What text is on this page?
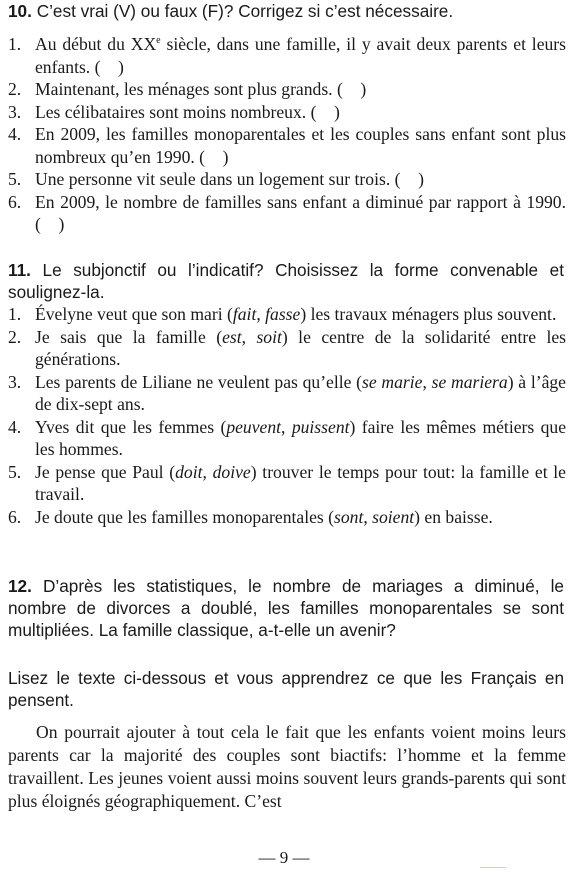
10. C’est vrai (V) ou faux (F)? Corrigez si c’est nécessaire.
1. Au début du XXe siècle, dans une famille, il y avait deux parents et leurs enfants. ( )
2. Maintenant, les ménages sont plus grands. ( )
3. Les célibataires sont moins nombreux. ( )
4. En 2009, les familles monoparentales et les couples sans enfant sont plus nombreux qu’en 1990. ( )
5. Une personne vit seule dans un logement sur trois. ( )
6. En 2009, le nombre de familles sans enfant a diminué par rapport à 1990. ( )
11. Le subjonctif ou l’indicatif? Choisissez la forme convenable et soulignez-la.
1. Évelyne veut que son mari (fait, fasse) les travaux ménagers plus souvent.
2. Je sais que la famille (est, soit) le centre de la solidarité entre les générations.
3. Les parents de Liliane ne veulent pas qu’elle (se marie, se mariera) à l’âge de dix-sept ans.
4. Yves dit que les femmes (peuvent, puissent) faire les mêmes métiers que les hommes.
5. Je pense que Paul (doit, doive) trouver le temps pour tout: la famille et le travail.
6. Je doute que les familles monoparentales (sont, soient) en baisse.
12. D’après les statistiques, le nombre de mariages a diminué, le nombre de divorces a doublé, les familles monoparentales se sont multipliées. La famille classique, a-t-elle un avenir?
Lisez le texte ci-dessous et vous apprendrez ce que les Français en pensent.
On pourrait ajouter à tout cela le fait que les enfants voient moins leurs parents car la majorité des couples sont biactifs: l’homme et la femme travaillent. Les jeunes voient aussi moins souvent leurs grands-parents qui sont plus éloignés géographiquement. C’est
— 9 —
